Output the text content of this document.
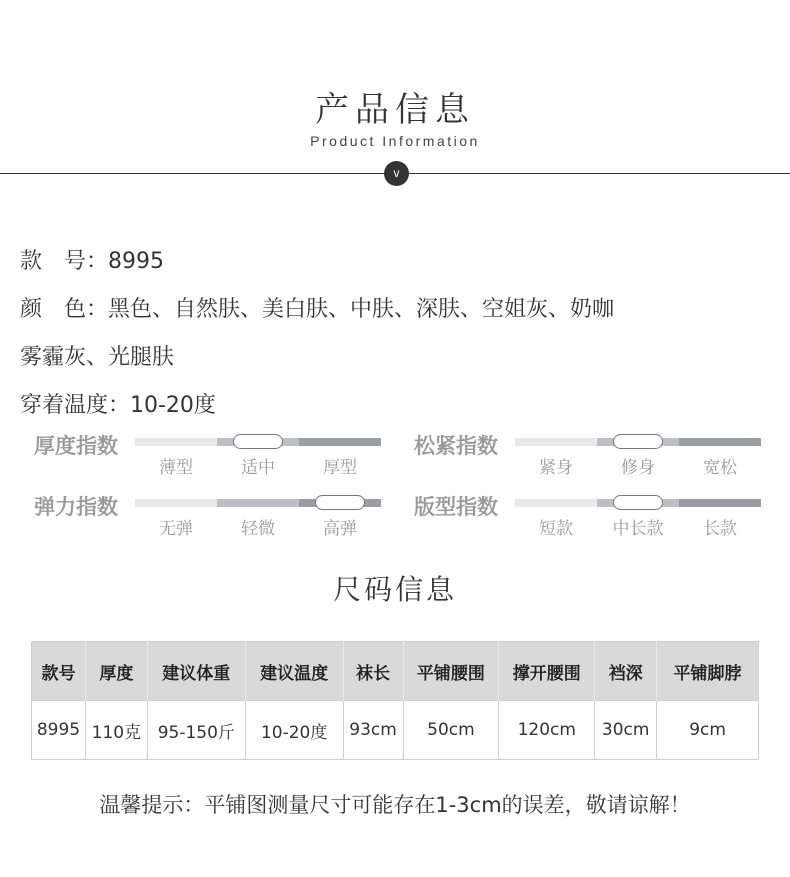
产品信息
Product Information
v
款　号：8995
颜　色：黑色、自然肤、美白肤、中肤、深肤、空姐灰、奶咖
雾霾灰、光腿肤
穿着温度：10-20度
厚度指数
薄型	适中	厚型
松紧指数
紧身	修身	宽松
弹力指数
无弹	轻微	高弹
版型指数
短款	中长款	长款
尺码信息
款号	厚度	建议体重	建议温度	袜长	平铺腰围	撑开腰围	裆深	平铺脚脖
8995	110克	95-150斤	10-20度	93cm	50cm	120cm	30cm	9cm
温馨提示：平铺图测量尺寸可能存在1-3cm的误差，敬请谅解！
